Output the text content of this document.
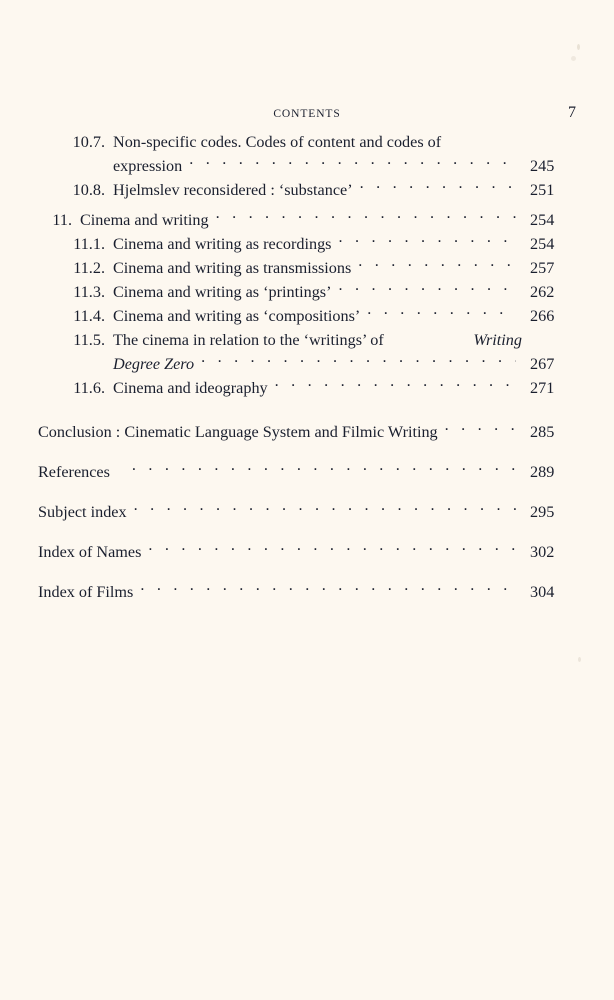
CONTENTS	7
10.7. Non-specific codes. Codes of content and codes of
expression . . .	245
10.8. Hjelmslev reconsidered : ‘substance’ . . .	251
11. Cinema and writing . . .	254
11.1. Cinema and writing as recordings . . .	254
11.2. Cinema and writing as transmissions . . .	257
11.3. Cinema and writing as ‘printings’ . . .	262
11.4. Cinema and writing as ‘compositions’ . . .	266
11.5. The cinema in relation to the ‘writings’ of	Writing
Degree Zero . . .	267
11.6. Cinema and ideography . . .	271
Conclusion : Cinematic Language System and Filmic Writing . . .	285
References . . .	289
Subject index . . .	295
Index of Names . . .	302
Index of Films . . .	304
